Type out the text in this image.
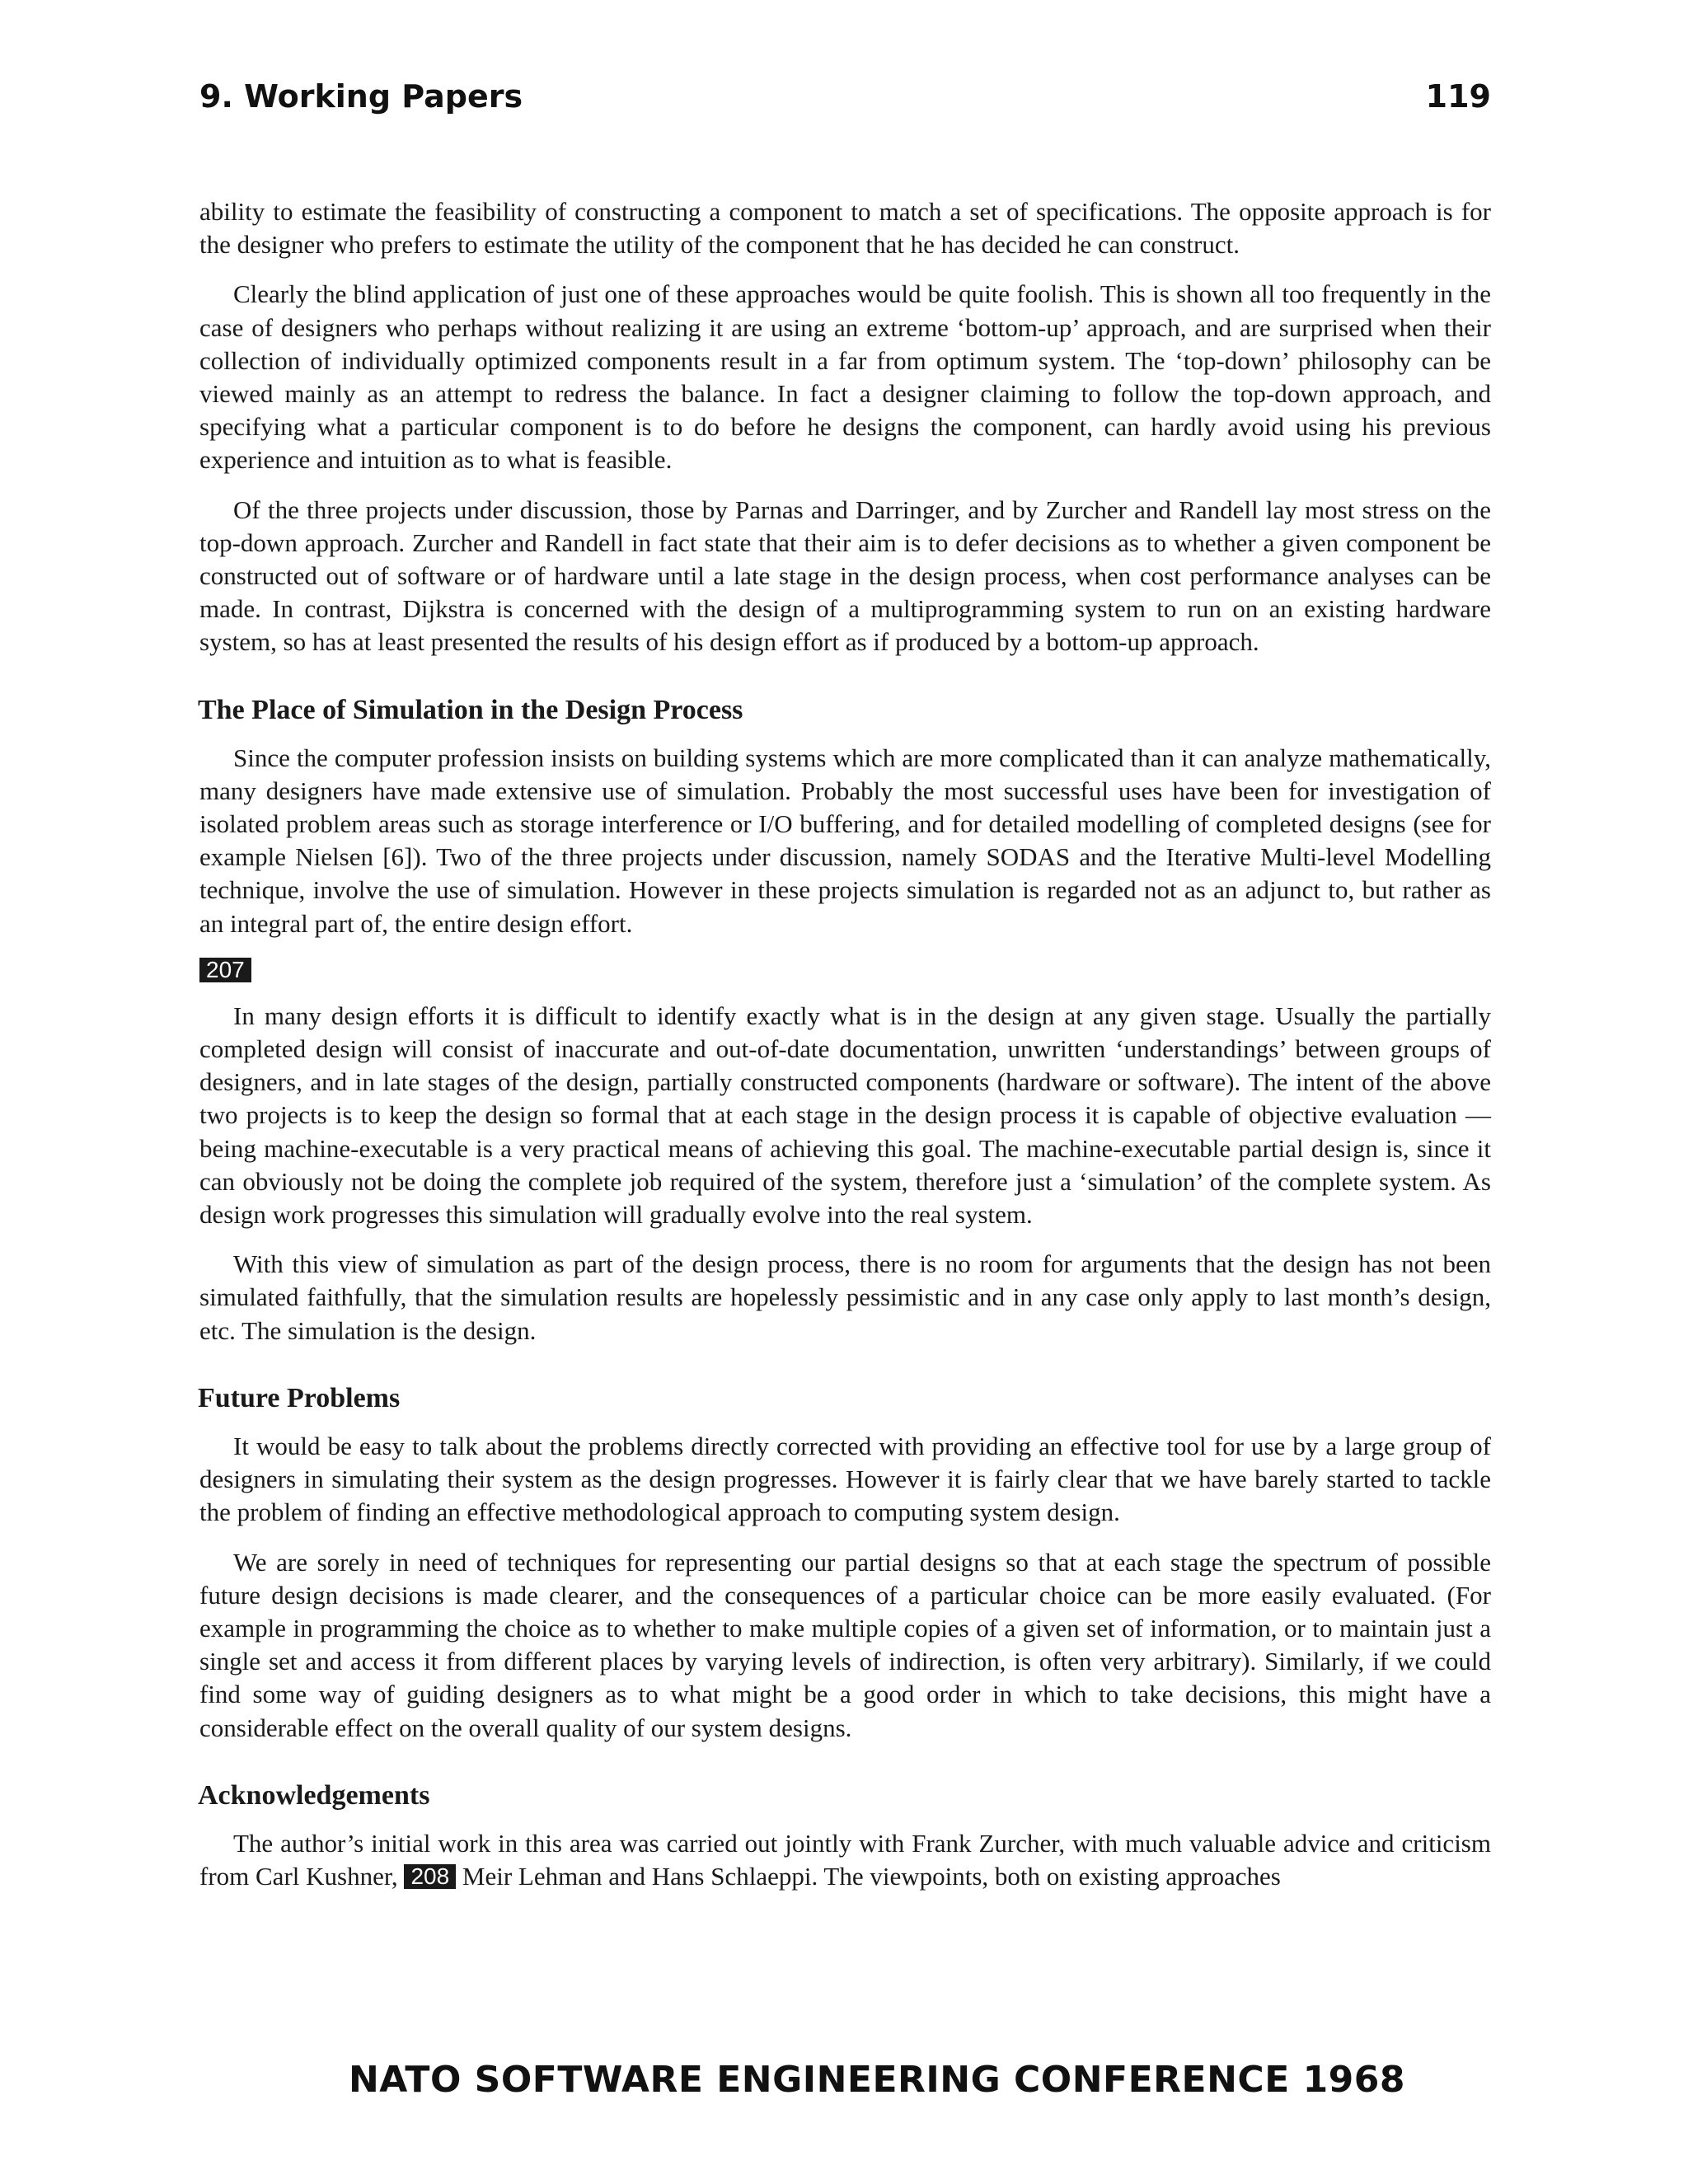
9. Working Papers	119

ability to estimate the feasibility of constructing a component to match a set of specifications. The opposite approach is for the designer who prefers to estimate the utility of the component that he has decided he can construct.

Clearly the blind application of just one of these approaches would be quite foolish. This is shown all too frequently in the case of designers who perhaps without realizing it are using an extreme ‘bottom-up’ approach, and are surprised when their collection of individually optimized components result in a far from optimum system. The ‘top-down’ philosophy can be viewed mainly as an attempt to redress the balance. In fact a designer claiming to follow the top-down approach, and specifying what a particular component is to do before he designs the component, can hardly avoid using his previous experience and intuition as to what is feasible.

Of the three projects under discussion, those by Parnas and Darringer, and by Zurcher and Randell lay most stress on the top-down approach. Zurcher and Randell in fact state that their aim is to defer decisions as to whether a given component be constructed out of software or of hardware until a late stage in the design process, when cost performance analyses can be made. In contrast, Dijkstra is concerned with the design of a multiprogramming system to run on an existing hardware system, so has at least presented the results of his design effort as if produced by a bottom-up approach.

The Place of Simulation in the Design Process

Since the computer profession insists on building systems which are more complicated than it can analyze mathematically, many designers have made extensive use of simulation. Probably the most successful uses have been for investigation of isolated problem areas such as storage interference or I/O buffering, and for detailed modelling of completed designs (see for example Nielsen [6]). Two of the three projects under discussion, namely SODAS and the Iterative Multi-level Modelling technique, involve the use of simulation. However in these projects simulation is regarded not as an adjunct to, but rather as an integral part of, the entire design effort.

207

In many design efforts it is difficult to identify exactly what is in the design at any given stage. Usually the partially completed design will consist of inaccurate and out-of-date documentation, unwritten ‘understandings’ between groups of designers, and in late stages of the design, partially constructed components (hardware or software). The intent of the above two projects is to keep the design so formal that at each stage in the design process it is capable of objective evaluation — being machine-executable is a very practical means of achieving this goal. The machine-executable partial design is, since it can obviously not be doing the complete job required of the system, therefore just a ‘simulation’ of the complete system. As design work progresses this simulation will gradually evolve into the real system.

With this view of simulation as part of the design process, there is no room for arguments that the design has not been simulated faithfully, that the simulation results are hopelessly pessimistic and in any case only apply to last month’s design, etc. The simulation is the design.

Future Problems

It would be easy to talk about the problems directly corrected with providing an effective tool for use by a large group of designers in simulating their system as the design progresses. However it is fairly clear that we have barely started to tackle the problem of finding an effective methodological approach to computing system design.

We are sorely in need of techniques for representing our partial designs so that at each stage the spectrum of possible future design decisions is made clearer, and the consequences of a particular choice can be more easily evaluated. (For example in programming the choice as to whether to make multiple copies of a given set of information, or to maintain just a single set and access it from different places by varying levels of indirection, is often very arbitrary). Similarly, if we could find some way of guiding designers as to what might be a good order in which to take decisions, this might have a considerable effect on the overall quality of our system designs.

Acknowledgements

The author’s initial work in this area was carried out jointly with Frank Zurcher, with much valuable advice and criticism from Carl Kushner, 208 Meir Lehman and Hans Schlaeppi. The viewpoints, both on existing approaches

NATO SOFTWARE ENGINEERING CONFERENCE 1968
